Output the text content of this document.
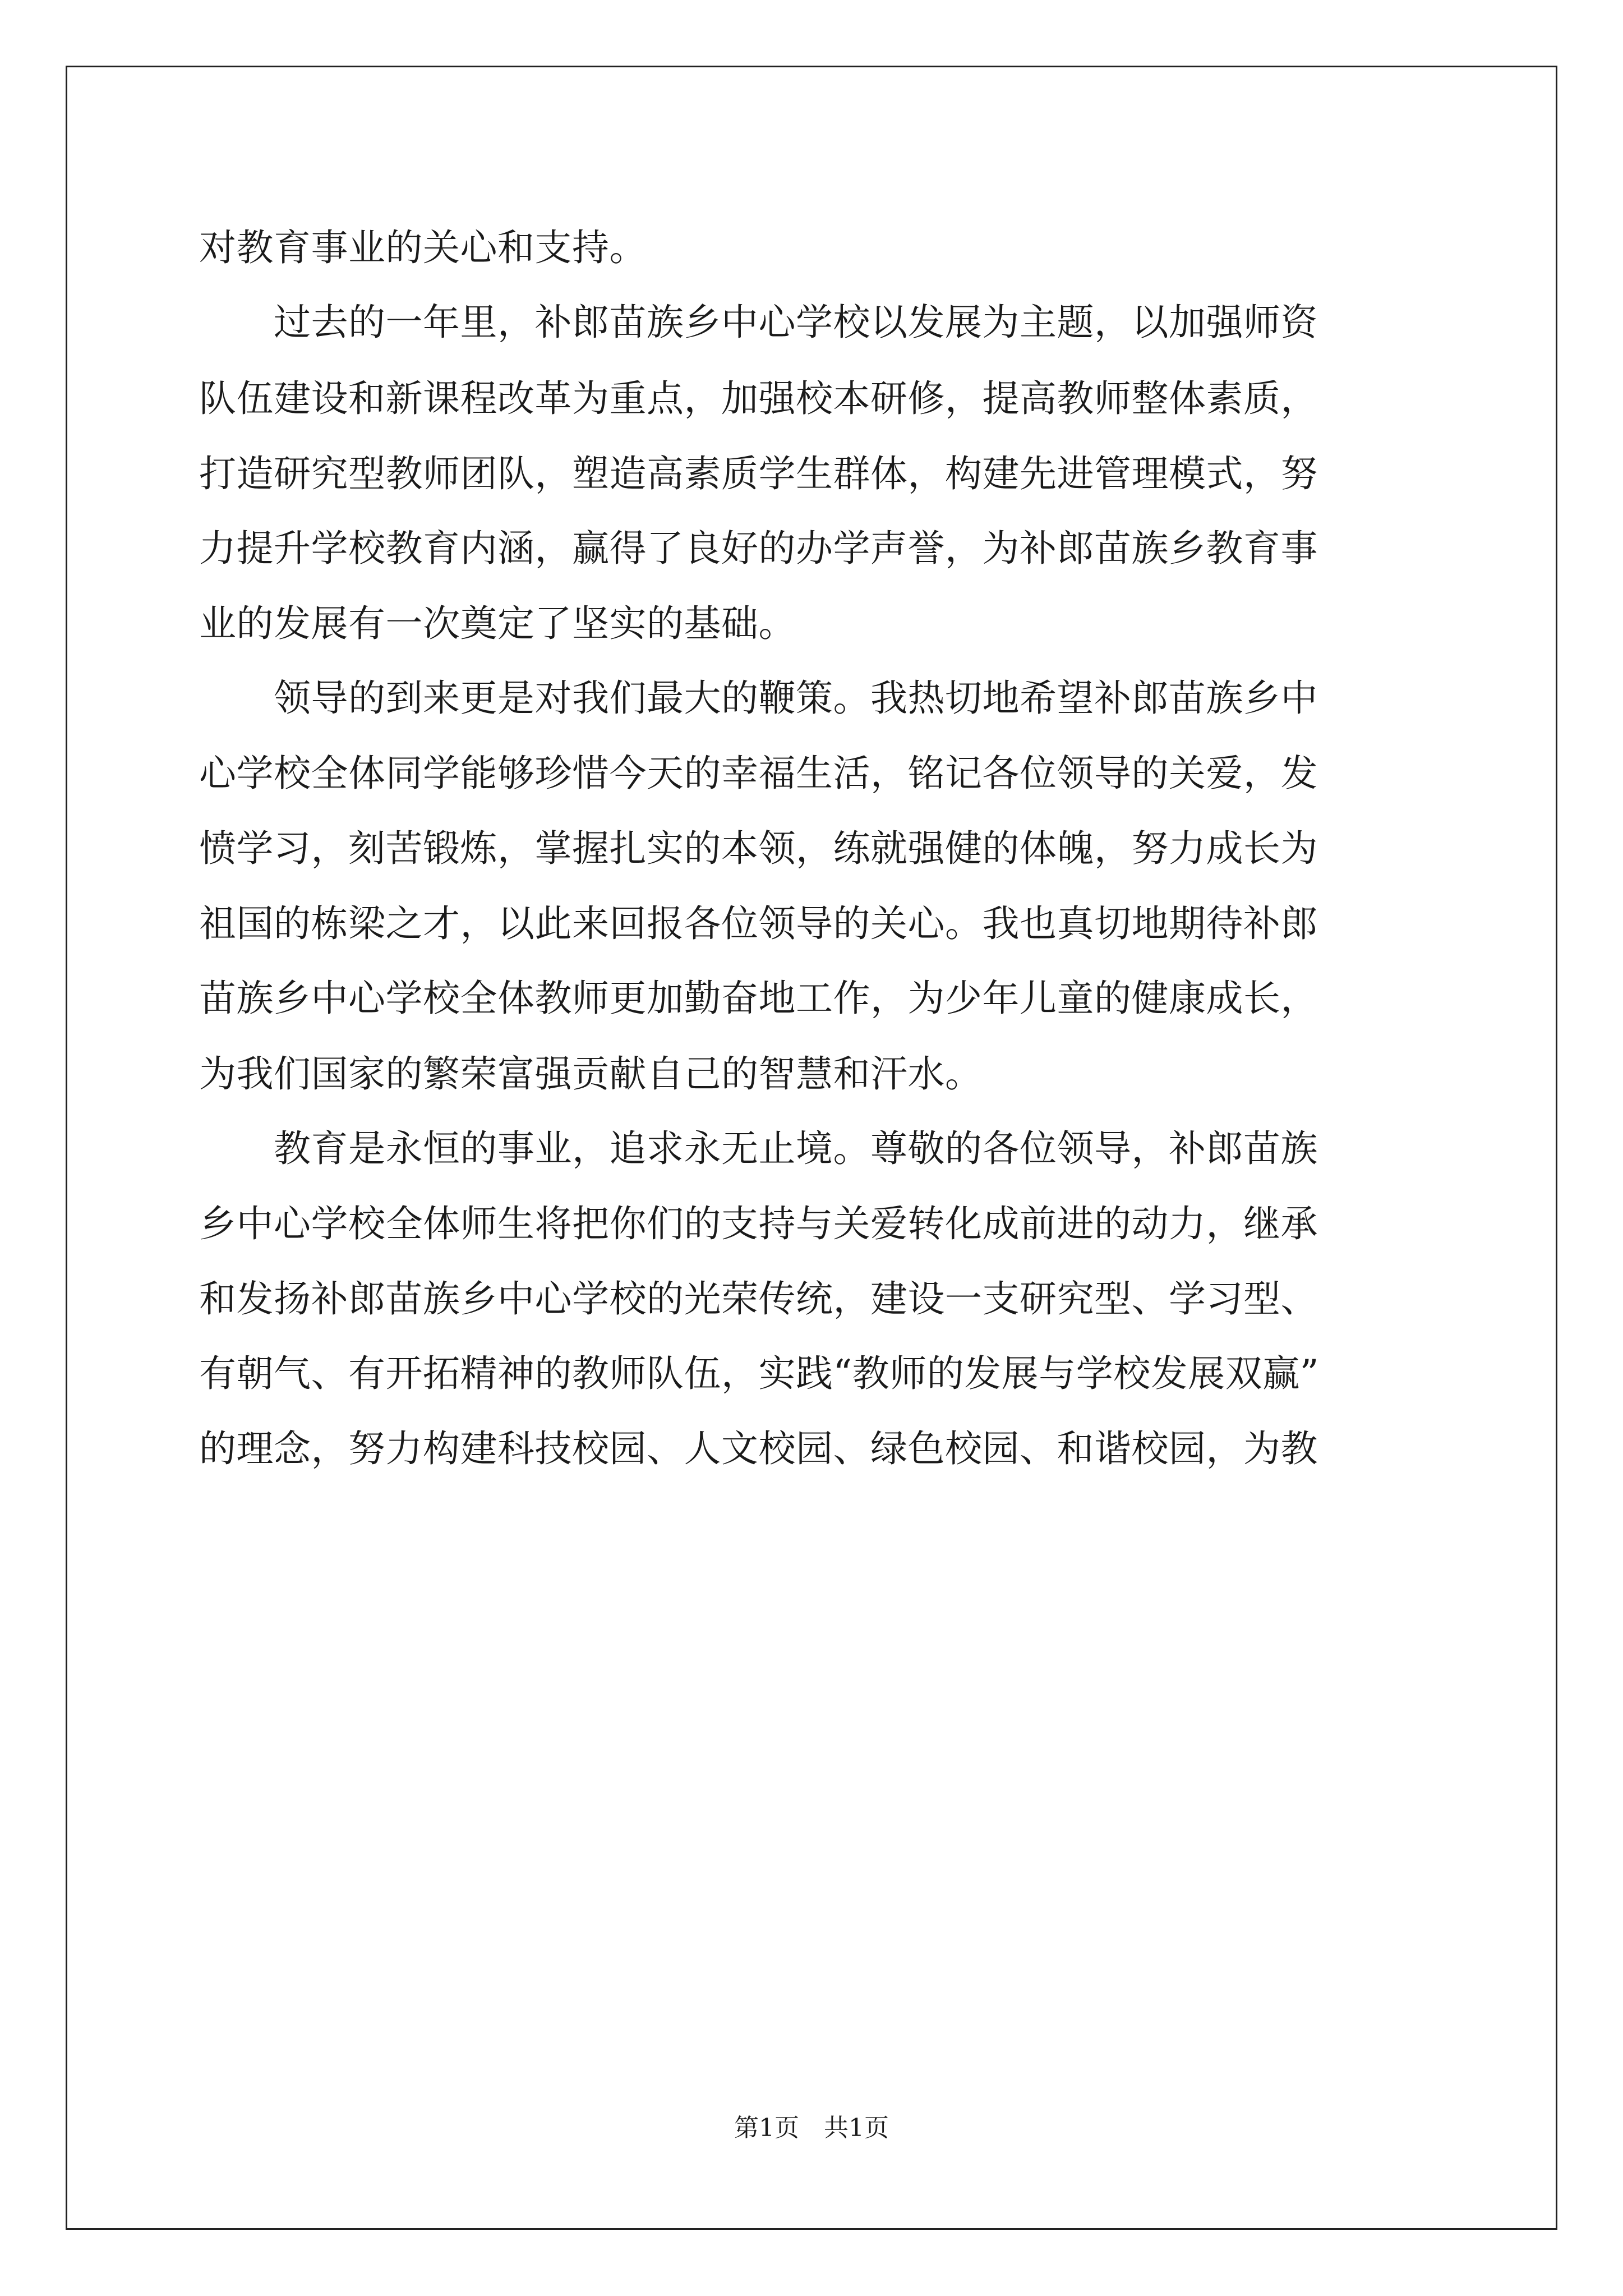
对教育事业的关心和支持。
　　过去的一年里，补郎苗族乡中心学校以发展为主题，以加强师资
队伍建设和新课程改革为重点，加强校本研修，提高教师整体素质，
打造研究型教师团队，塑造高素质学生群体，构建先进管理模式，努
力提升学校教育内涵，赢得了良好的办学声誉，为补郎苗族乡教育事
业的发展有一次奠定了坚实的基础。
　　领导的到来更是对我们最大的鞭策。我热切地希望补郎苗族乡中
心学校全体同学能够珍惜今天的幸福生活，铭记各位领导的关爱，发
愤学习，刻苦锻炼，掌握扎实的本领，练就强健的体魄，努力成长为
祖国的栋梁之才，以此来回报各位领导的关心。我也真切地期待补郎
苗族乡中心学校全体教师更加勤奋地工作，为少年儿童的健康成长，
为我们国家的繁荣富强贡献自己的智慧和汗水。
　　教育是永恒的事业，追求永无止境。尊敬的各位领导，补郎苗族
乡中心学校全体师生将把你们的支持与关爱转化成前进的动力，继承
和发扬补郎苗族乡中心学校的光荣传统，建设一支研究型、学习型、
有朝气、有开拓精神的教师队伍，实践“教师的发展与学校发展双赢”
的理念，努力构建科技校园、人文校园、绿色校园、和谐校园，为教
第1页　共1页
